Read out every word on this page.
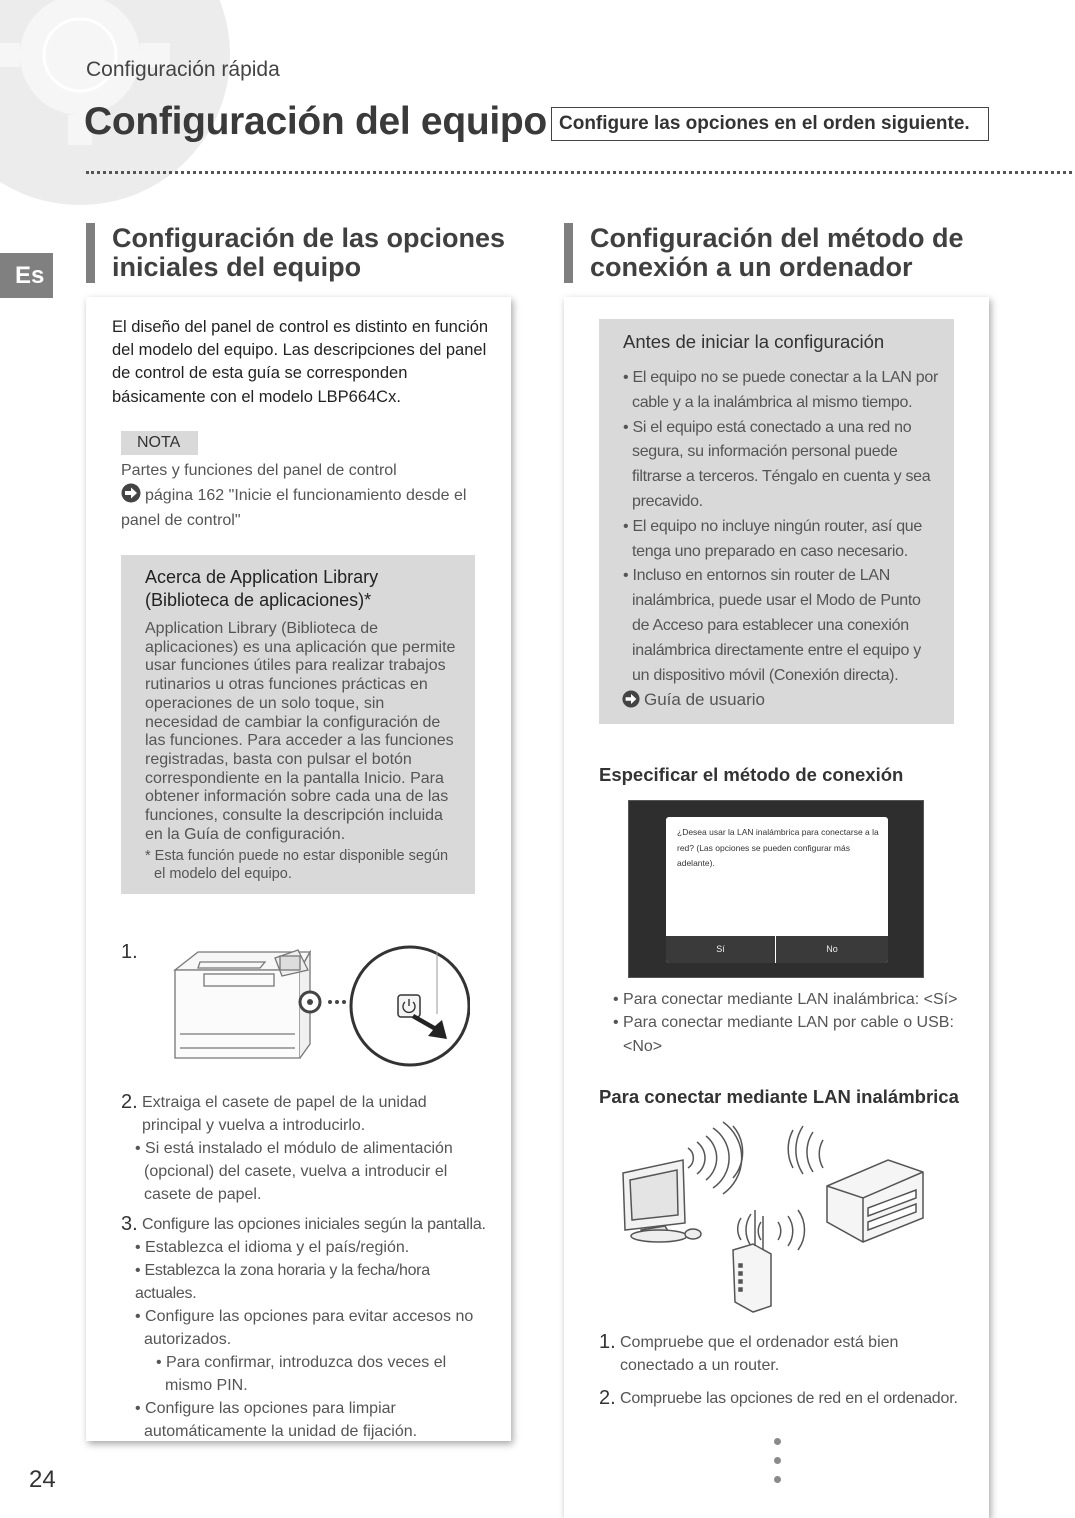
Configuración rápida
Configuración del equipo Configure las opciones en el orden siguiente.
Es
24
Configuración de las opciones
iniciales del equipo
El diseño del panel de control es distinto en función del modelo del equipo. Las descripciones del panel de control de esta guía se corresponden básicamente con el modelo LBP664Cx.
NOTA
Partes y funciones del panel de control
página 162 "Inicie el funcionamiento desde el panel de control"
Acerca de Application Library
(Biblioteca de aplicaciones)*
Application Library (Biblioteca de aplicaciones) es una aplicación que permite usar funciones útiles para realizar trabajos rutinarios u otras funciones prácticas en operaciones de un solo toque, sin necesidad de cambiar la configuración de las funciones. Para acceder a las funciones registradas, basta con pulsar el botón correspondiente en la pantalla Inicio. Para obtener información sobre cada una de las funciones, consulte la descripción incluida en la Guía de configuración.
* Esta función puede no estar disponible según
el modelo del equipo.
1.
2. Extraiga el casete de papel de la unidad
principal y vuelva a introducirlo.
• Si está instalado el módulo de alimentación
(opcional) del casete, vuelva a introducir el
casete de papel.
3. Configure las opciones iniciales según la pantalla.
• Establezca el idioma y el país/región.
• Establezca la zona horaria y la fecha/hora actuales.
• Configure las opciones para evitar accesos no
autorizados.
• Para confirmar, introduzca dos veces el
mismo PIN.
• Configure las opciones para limpiar
automáticamente la unidad de fijación.
Configuración del método de
conexión a un ordenador
Antes de iniciar la configuración
• El equipo no se puede conectar a la LAN por
cable y a la inalámbrica al mismo tiempo.
• Si el equipo está conectado a una red no
segura, su información personal puede
filtrarse a terceros. Téngalo en cuenta y sea
precavido.
• El equipo no incluye ningún router, así que
tenga uno preparado en caso necesario.
• Incluso en entornos sin router de LAN
inalámbrica, puede usar el Modo de Punto
de Acceso para establecer una conexión
inalámbrica directamente entre el equipo y
un dispositivo móvil (Conexión directa).
Guía de usuario
Especificar el método de conexión
¿Desea usar la LAN inalámbrica para conectarse a la
red? (Las opciones se pueden configurar más adelante).
Sí	No
• Para conectar mediante LAN inalámbrica: <Sí>
• Para conectar mediante LAN por cable o USB:
<No>
Para conectar mediante LAN inalámbrica
1. Compruebe que el ordenador está bien
conectado a un router.
2. Compruebe las opciones de red en el ordenador.
